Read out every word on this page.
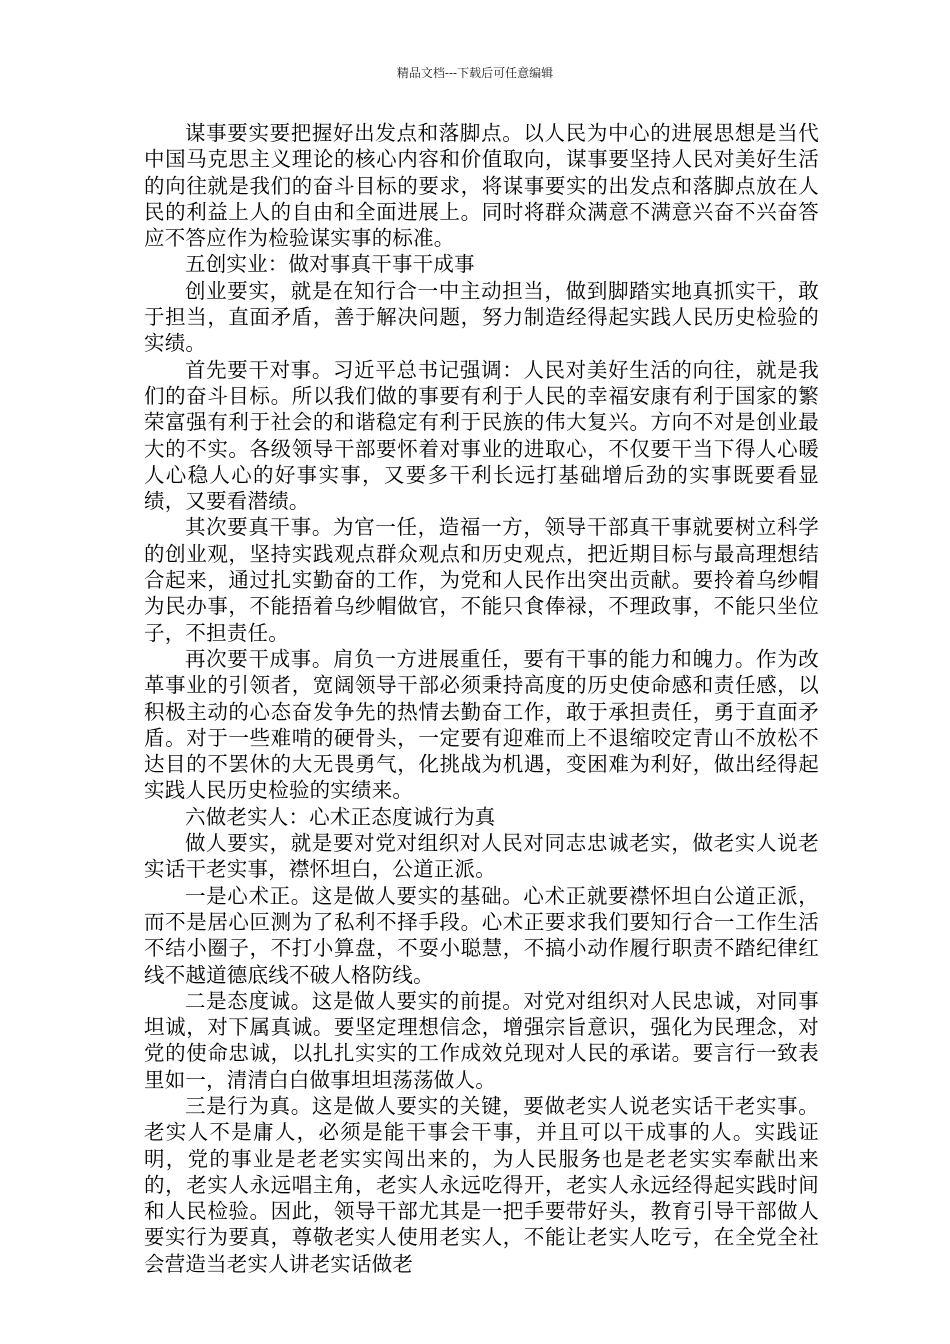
精品文档---下载后可任意编辑

谋事要实要把握好出发点和落脚点。以人民为中心的进展思想是当代中国马克思主义理论的核心内容和价值取向，谋事要坚持人民对美好生活的向往就是我们的奋斗目标的要求，将谋事要实的出发点和落脚点放在人民的利益上人的自由和全面进展上。同时将群众满意不满意兴奋不兴奋答应不答应作为检验谋实事的标准。

五创实业：做对事真干事干成事

创业要实，就是在知行合一中主动担当，做到脚踏实地真抓实干，敢于担当，直面矛盾，善于解决问题，努力制造经得起实践人民历史检验的实绩。

首先要干对事。习近平总书记强调：人民对美好生活的向往，就是我们的奋斗目标。所以我们做的事要有利于人民的幸福安康有利于国家的繁荣富强有利于社会的和谐稳定有利于民族的伟大复兴。方向不对是创业最大的不实。各级领导干部要怀着对事业的进取心，不仅要干当下得人心暖人心稳人心的好事实事，又要多干利长远打基础增后劲的实事既要看显绩，又要看潜绩。

其次要真干事。为官一任，造福一方，领导干部真干事就要树立科学的创业观，坚持实践观点群众观点和历史观点，把近期目标与最高理想结合起来，通过扎实勤奋的工作，为党和人民作出突出贡献。要拎着乌纱帽为民办事，不能捂着乌纱帽做官，不能只食俸禄，不理政事，不能只坐位子，不担责任。

再次要干成事。肩负一方进展重任，要有干事的能力和魄力。作为改革事业的引领者，宽阔领导干部必须秉持高度的历史使命感和责任感，以积极主动的心态奋发争先的热情去勤奋工作，敢于承担责任，勇于直面矛盾。对于一些难啃的硬骨头，一定要有迎难而上不退缩咬定青山不放松不达目的不罢休的大无畏勇气，化挑战为机遇，变困难为利好，做出经得起实践人民历史检验的实绩来。

六做老实人：心术正态度诚行为真

做人要实，就是要对党对组织对人民对同志忠诚老实，做老实人说老实话干老实事，襟怀坦白，公道正派。

一是心术正。这是做人要实的基础。心术正就要襟怀坦白公道正派，而不是居心叵测为了私利不择手段。心术正要求我们要知行合一工作生活不结小圈子，不打小算盘，不耍小聪慧，不搞小动作履行职责不踏纪律红线不越道德底线不破人格防线。

二是态度诚。这是做人要实的前提。对党对组织对人民忠诚，对同事坦诚，对下属真诚。要坚定理想信念，增强宗旨意识，强化为民理念，对党的使命忠诚，以扎扎实实的工作成效兑现对人民的承诺。要言行一致表里如一，清清白白做事坦坦荡荡做人。

三是行为真。这是做人要实的关键，要做老实人说老实话干老实事。老实人不是庸人，必须是能干事会干事，并且可以干成事的人。实践证明，党的事业是老老实实闯出来的，为人民服务也是老老实实奉献出来的，老实人永远唱主角，老实人永远吃得开，老实人永远经得起实践时间和人民检验。因此，领导干部尤其是一把手要带好头，教育引导干部做人要实行为要真，尊敬老实人使用老实人，不能让老实人吃亏，在全党全社会营造当老实人讲老实话做老
